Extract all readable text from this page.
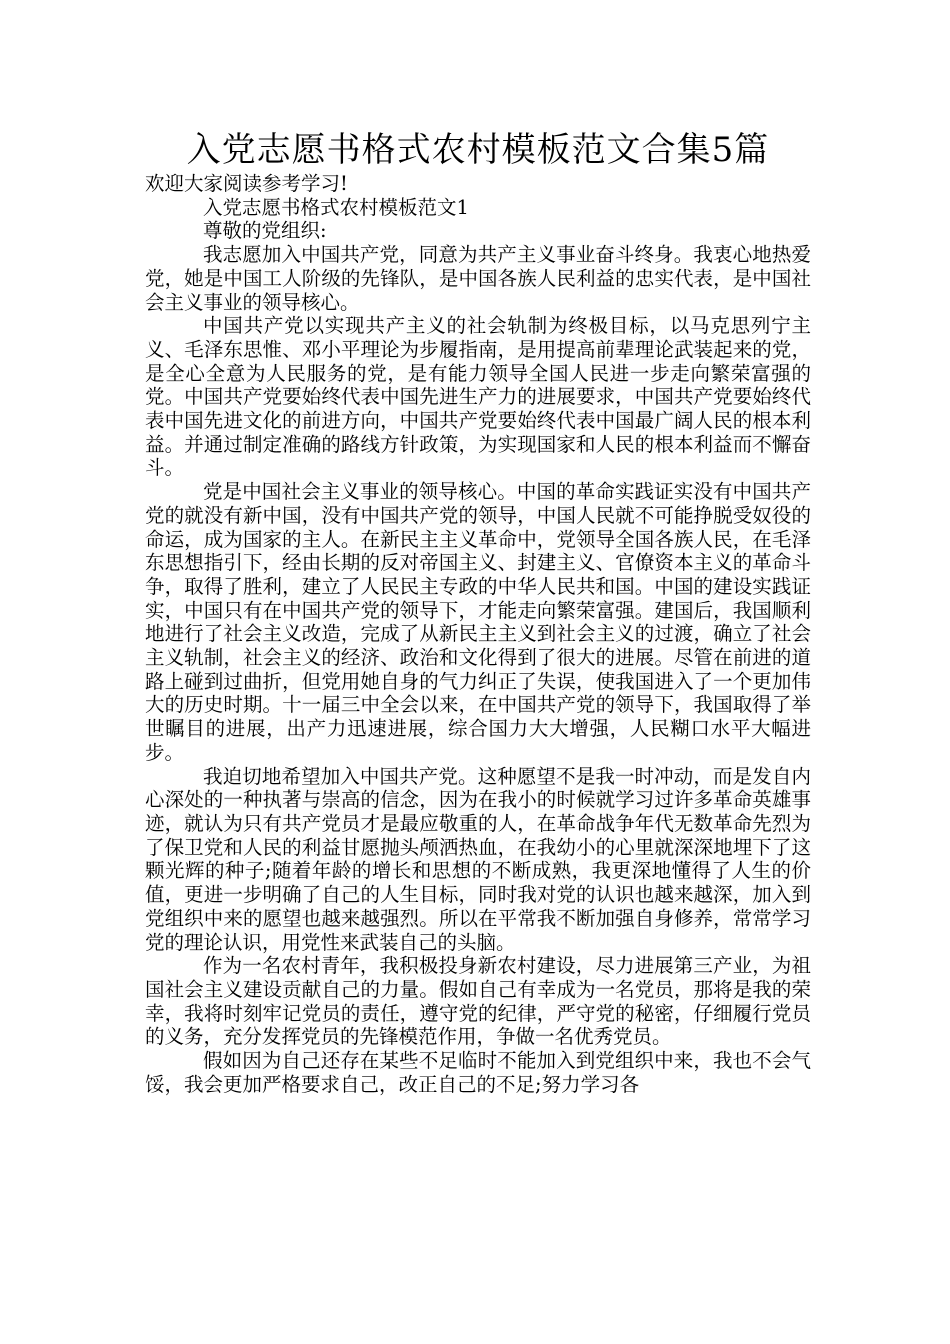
入党志愿书格式农村模板范文合集5篇

欢迎大家阅读参考学习!

入党志愿书格式农村模板范文1

尊敬的党组织:

我志愿加入中国共产党，同意为共产主义事业奋斗终身。我衷心地热爱党，她是中国工人阶级的先锋队，是中国各族人民利益的忠实代表，是中国社会主义事业的领导核心。

中国共产党以实现共产主义的社会轨制为终极目标，以马克思列宁主义、毛泽东思惟、邓小平理论为步履指南，是用提高前辈理论武装起来的党，是全心全意为人民服务的党，是有能力领导全国人民进一步走向繁荣富强的党。中国共产党要始终代表中国先进生产力的进展要求，中国共产党要始终代表中国先进文化的前进方向，中国共产党要始终代表中国最广阔人民的根本利益。并通过制定准确的路线方针政策，为实现国家和人民的根本利益而不懈奋斗。

党是中国社会主义事业的领导核心。中国的革命实践证实没有中国共产党的就没有新中国，没有中国共产党的领导，中国人民就不可能挣脱受奴役的命运，成为国家的主人。在新民主主义革命中，党领导全国各族人民，在毛泽东思想指引下，经由长期的反对帝国主义、封建主义、官僚资本主义的革命斗争，取得了胜利，建立了人民民主专政的中华人民共和国。中国的建设实践证实，中国只有在中国共产党的领导下，才能走向繁荣富强。建国后，我国顺利地进行了社会主义改造，完成了从新民主主义到社会主义的过渡，确立了社会主义轨制，社会主义的经济、政治和文化得到了很大的进展。尽管在前进的道路上碰到过曲折，但党用她自身的气力纠正了失误，使我国进入了一个更加伟大的历史时期。十一届三中全会以来，在中国共产党的领导下，我国取得了举世瞩目的进展，出产力迅速进展，综合国力大大增强，人民糊口水平大幅进步。

我迫切地希望加入中国共产党。这种愿望不是我一时冲动，而是发自内心深处的一种执著与崇高的信念，因为在我小的时候就学习过许多革命英雄事迹，就认为只有共产党员才是最应敬重的人，在革命战争年代无数革命先烈为了保卫党和人民的利益甘愿抛头颅洒热血，在我幼小的心里就深深地埋下了这颗光辉的种子;随着年龄的增长和思想的不断成熟，我更深地懂得了人生的价值，更进一步明确了自己的人生目标，同时我对党的认识也越来越深，加入到党组织中来的愿望也越来越强烈。所以在平常我不断加强自身修养，常常学习党的理论认识，用党性来武装自己的头脑。

作为一名农村青年，我积极投身新农村建设，尽力进展第三产业，为祖国社会主义建设贡献自己的力量。假如自己有幸成为一名党员，那将是我的荣幸，我将时刻牢记党员的责任，遵守党的纪律，严守党的秘密，仔细履行党员的义务，充分发挥党员的先锋模范作用，争做一名优秀党员。

假如因为自己还存在某些不足临时不能加入到党组织中来，我也不会气馁，我会更加严格要求自己，改正自己的不足;努力学习各
